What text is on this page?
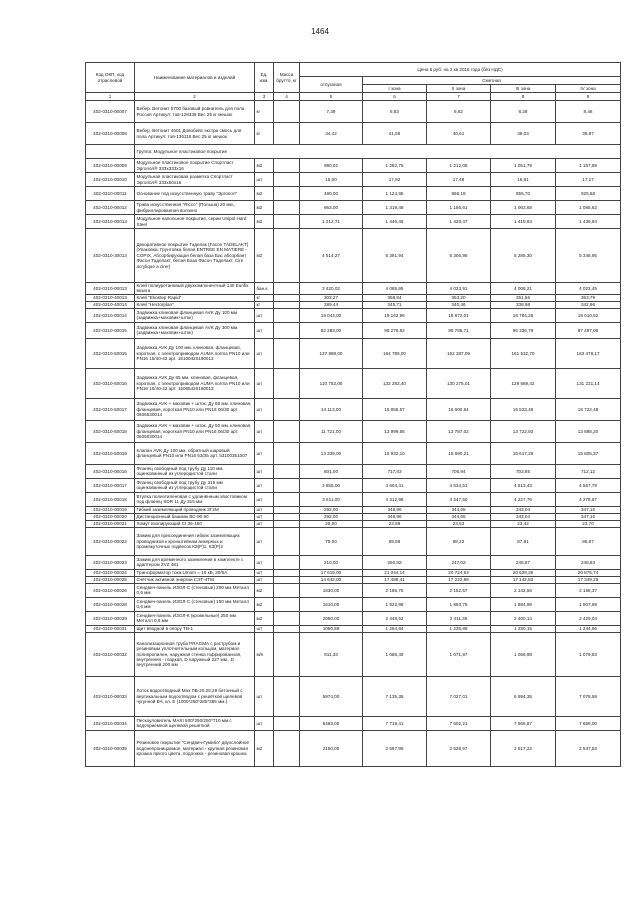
1464
Код ОКП, код отраслевой	Наименование материалов и изделий	Ед. изм.	Масса брутто, кг	Цена в руб. на 2 кв 2016 года (без НДС)				
				отпускная	Сметная			
					I зона	II зона	III зона	IV зона
1	2	3	4	5	6	7	8	9
402-0310-00007	Вебер. Ветонит 5700 базовый ровнитель для пола Россия Артикул: тов-128338 Вес 25 кг мешок	кг		7,39	8,83	8,62	8,28	8,46
402-0310-00008	Вебер. Ветонит 4601 Довобейс экстра смесь для пола Артикул: тов-136118 Вес 25 кг мешок	кг		34,42	41,59	40,61	39,03	39,87
	Группа: Модульное пластиковое покрытие							
402-0310-00009	Модульное пластиковое покрытие Спортласт Эргопол® 333х333х16	м2		990,02	1 282,75	1 212,08	1 051,79	1 157,89
402-0310-00010	Модульная пластиковая разметка Спортласт Эргопол® 333х50х16	шт		15,00	17,92	17,48	16,81	17,17
402-0310-00011	Основание под искусственную траву "Эргопол"	м2		480,00	1 124,95	866,19	855,70	925,58
402-0310-00012	Трава искусственная "Ricco" (Польша) 20 мм., фибриллированная волокно	м2		963,00	1 319,48	1 156,61	1 063,68	1 085,62
402-0310-00013	Модульное напольное покрытие, серии Unipol Hard Steel	м2		1 212,71	1 446,46	1 426,47	1 419,84	1 436,94
402-0310-30013	Декоративное покрытие Таделак (Facon TADELAKT) (Упаковка: Грунтовка белая ENTREE EN MATIERE - COPIX, Абсорбирующая белая база Бас абсорбант Фасон Таделакт, белая База Фасон Таделакт, Cire acrylique a cirer)	м2		4 514,27	5 391,94	5 306,98	5 285,30	5 348,95
402-0310-00013	Клей полиуретановый двухкомпонентный 140 Eurifix вкзата	бан.к.		3 420,02	4 065,95	4 023,91	4 008,21	4 023,45
402-0310-40013	Клей "Ekostep Rapid"	кг		303,27	358,84	353,20	351,56	353,79
402-0310-40014	Клей "Hectorplan"	кг		289,44	345,71	340,46	338,98	342,96
402-0310-00014	Задвижка клиновая фланцевая AVK Ду 100 мм (задвижка+маховик+шток)	шт		19 044,00	19 162,96	18 872,01	16 784,25	19 010,52
402-0310-00015	Задвижка клиновая фланцевая AVK Ду 300 мм. (задвижка+маховик+шток)	шт		82 283,00	98 276,82	96 786,71	96 336,79	97 497,06
402-0310-50015	Задвижка AVK Ду 100 мм. клиновая, фланцевая, короткая, с электроприводом AUMA norma PN10 или PN16 15/40-42 арт. 15100420160013	шт		137 988,00	164 789,00	162 287,09	161 532,70	163 478,17
402-0310-50016	Задвижка AVK Ду 65 мм. клиновая, фланцевая, короткая, с электроприводом AUMA norma PN10 или PN16 15/40-42 арт. 15065420160013	шт		110 753,00	132 283,40	130 275,01	129 669,42	131 231,14
402-0310-50017	Задвижка AVK + маховик + шток. Ду 65 мм. клиновая, фланцевая, короткая PN10 или PN16 06/30 арт. 0606530014	шт		14 113,00	16 856,57	16 600,64	16 523,48	16 722,48
402-0310-50018	Задвижка AVK + маховик + шток. Ду 50 мм. клиновая, фланцевая, короткая PN10 или PN16 06/30 арт. 0605030014	шт		11 721,00	13 999,56	13 787,02	13 722,93	13 888,20
402-0310-50019	Клапан AVK Ду 100 мм. обратный шаровый фланцевый PN10 или PN16 53/35 арт. 53100351007	шт		13 339,00	15 932,10	15 690,21	15 617,28	15 805,37
402-0310-00016	Фланец свободный под трубу Ду 110 мм. оцинкованный из углеродистой стали	шт		601,00	717,83	706,94	703,65	712,12
402-0310-00017	Фланец свободный под трубу Ду 315 мм оцинкованный из углеродистой стали	шт		3 855,00	4 604,41	4 534,51	4 513,43	4 567,79
402-0310-00018	Втулка полиэтиленовая с удлинённым хвостовиком под фланец SDR 11 Ду 315 мм	шт		3 611,00	4 312,98	4 247,50	4 227,76	4 278,67
402-0310-00019	Гибкий заземляющий проводник ЗГ2М	шт		292,00	348,96	344,65	343,04	347,16
402-0310-00020	Дистанционный башмак ВС-90.90	шт		292,00	348,96	344,65	343,04	347,16
402-0310-00021	Хомут изолирующий СI 35-150	шт		20,00	23,89	23,53	23,42	23,70
402-0310-00022	Зажим для присоединения гибких заземляющих проводников к кронштейнам анкерных и промежуточных подвесок КЗ(Р)1, КЗ(Р)2	шт		75,00	89,58	88,22	87,81	88,87
402-0310-00023	Зажим для временного заземления в комплекте с адаптером ZVZ 481	шт		210,00	250,82	247,02	245,87	248,83
402-0310-00024	Трансформатор тока Umom = 10 кВ, 20/5А	шт		17 619,00	21 044,14	20 724,63	20 628,29	20 876,74
402-0310-00025	Счётчик активной энергии СЭТ-4ТМ	шт		14 642,00	17 488,41	17 222,89	17 142,83	17 349,29
402-0310-00026	Сендвич-панель ИЗОЛ-С (стеновые) 200 мм Металл 0,6 мм	м2		1830,00	2 185,75	2 152,57	2 142,56	2 168,37
402-0310-00028	Сендвич-панель ИЗОЛ-С (стеновые) 150 мм Металл 0,6 мм	м2		1610,00	1 922,98	1 893,79	1 884,99	1 907,69
402-0310-00029	Сендвич-панель ИЗОЛ-К (кровельные) 250 мм Металл 0,6 мм	м2		2050,00	2 448,52	2 411,35	2 400,14	2 429,04
402-0310-00031	Щит вводной в опору ТВ-1	шт		1050,89	1 254,94	1 235,88	1 230,15	1 244,96
402-0310-00032	Канализационная труба PRAGMA с раструбом и резиновым уплотнительным кольцом, материал полипропилен, наружная стенка гофрированная, внутренняя - гладкая, D наружный 227 мм., D внутренний 200 мм	м/п		911,33	1 088,49	1 071,97	1 066,98	1 079,83
402-0310-00033	Лоток водоотводный Max ЛВ-20.25.28 бетонный с вертикальным водоотводом с решёткой щелевой чугунной ВЧ, кл. Е (1000*250*285*385 мм.)	шт		5974,00	7 135,35	7 027,01	6 994,35	7 078,59
402-0310-00034	Пескоуловитель MAXI 500*250/250*710 мм с водоприемной щелевой решеткой	шт		6463,00	7 719,41	7 602,21	7 566,87	7 658,00
402-0310-00035	Резиновое покрытие "Сендвич-Гумибо" двухслойное водонепроницаемое, материал - крупная резиновая крошка яркого цвета, подложка - резиновая крошка	м2		2150,00	2 567,96	2 528,97	2 517,22	2 547,53
